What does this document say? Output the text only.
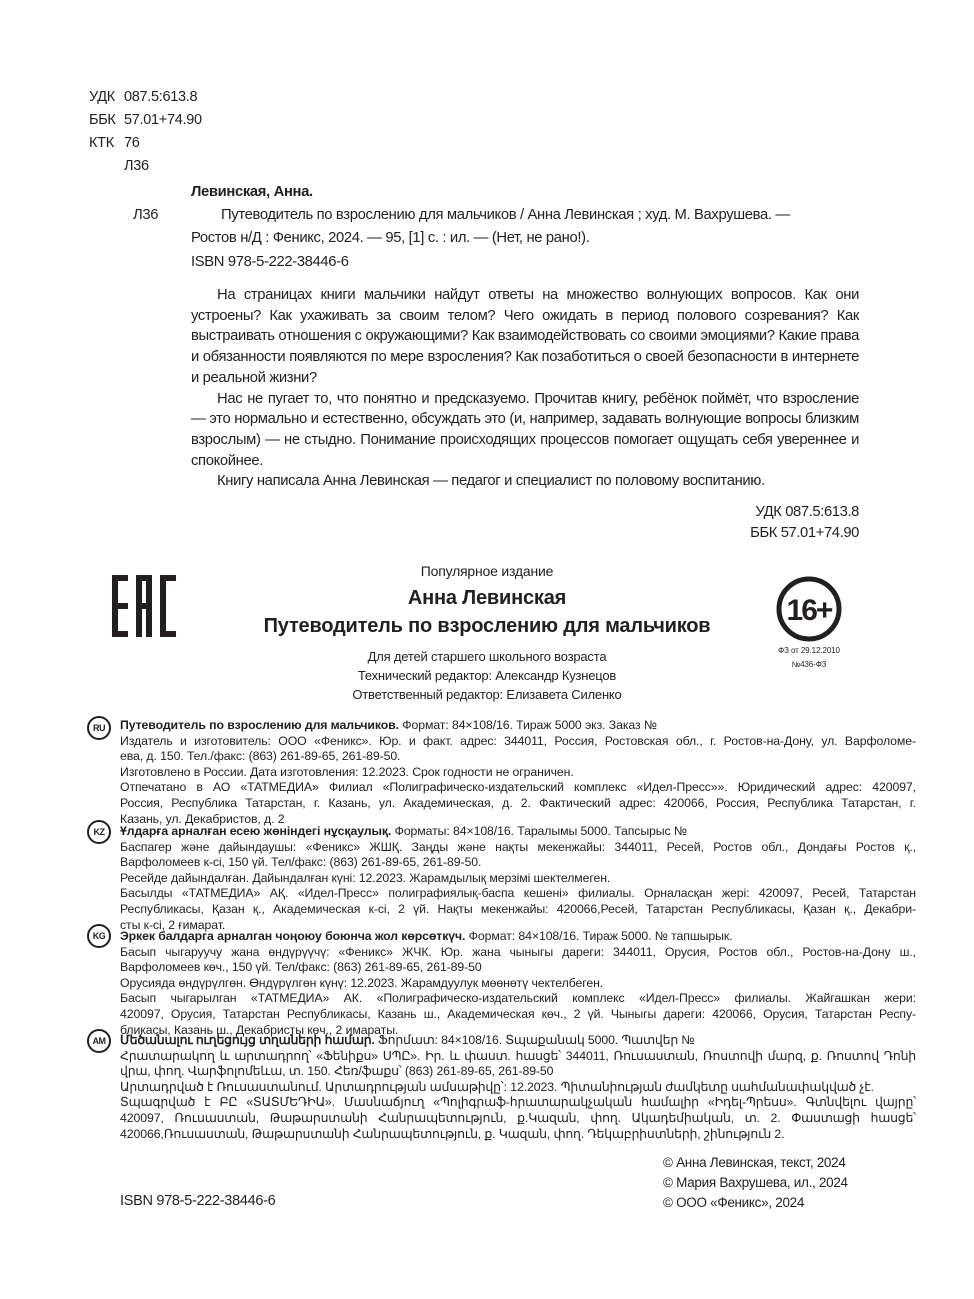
УДК 087.5:613.8
ББК 57.01+74.90
КТК 76
Л36
Левинская, Анна.
Л36	Путеводитель по взрослению для мальчиков / Анна Левинская ; худ. М. Вахрушева. —
Ростов н/Д : Феникс, 2024. — 95, [1] с. : ил. — (Нет, не рано!).
ISBN 978-5-222-38446-6

На страницах книги мальчики найдут ответы на множество волнующих вопросов. Как они устроены? Как ухаживать за своим телом? Чего ожидать в период полового созревания? Как выстраивать отношения с окружающими? Как взаимодействовать со своими эмоциями? Какие права и обязанности появляются по мере взросления? Как позаботиться о своей безопасности в интернете и реальной жизни?

Нас не пугает то, что понятно и предсказуемо. Прочитав книгу, ребёнок поймёт, что взросление — это нормально и естественно, обсуждать это (и, например, задавать волнующие вопросы близким взрослым) — не стыдно. Понимание происходящих процессов помогает ощущать себя увереннее и спокойнее.

Книгу написала Анна Левинская — педагог и специалист по половому воспитанию.

УДК 087.5:613.8
ББК 57.01+74.90
Популярное издание
Анна Левинская
Путеводитель по взрослению для мальчиков
Для детей старшего школьного возраста
Технический редактор: Александр Кузнецов
Ответственный редактор: Елизавета Силенко
16+
ФЗ от 29.12.2010
№436-ФЗ
RU	Путеводитель по взрослению для мальчиков. Формат: 84×108/16. Тираж 5000 экз. Заказ №
Издатель и изготовитель: ООО «Феникс». Юр. и факт. адрес: 344011, Россия, Ростовская обл., г. Ростов-на-Дону, ул. Варфоломе-
ева, д. 150. Тел./факс: (863) 261-89-65, 261-89-50.
Изготовлено в России. Дата изготовления: 12.2023. Срок годности не ограничен.
Отпечатано в АО «ТАТМЕДИА» Филиал «Полиграфическо-издательский комплекс «Идел-Пресс»». Юридический адрес: 420097,
Россия, Республика Татарстан, г. Казань, ул. Академическая, д. 2. Фактический адрес: 420066, Россия, Республика Татарстан, г.
Казань, ул. Декабристов, д. 2
KZ	Ұлдарға арналған есею жөніндегі нұсқаулық. Форматы: 84×108/16. Таралымы 5000. Тапсырыс №
Баспагер және дайындаушы: «Феникс» ЖШҚ. Заңды және нақты мекенжайы: 344011, Ресей, Ростов обл., Дондағы Ростов қ.,
Варфоломеев к-сі, 150 үй. Тел/факс: (863) 261-89-65, 261-89-50.
Ресейде дайындалған. Дайындалған күні: 12.2023. Жарамдылық мерзімі шектелмеген.
Басылды «ТАТМЕДИА» АҚ. «Идел-Пресс» полиграфиялық-баспа кешені» филиалы. Орналасқан жері: 420097, Ресей, Татарстан
Республикасы, Қазан қ., Академическая к-сі, 2 үй. Нақты мекенжайы: 420066,Ресей, Татарстан Республикасы, Қазан қ., Декабри-
сты к-сі, 2 ғимарат.
KG	Эркек балдарга арналган чоңоюу боюнча жол көрсөткүч. Формат: 84×108/16. Тираж 5000. № тапшырык.
Басып чыгаруучу жана өндүрүүчү: «Феникс» ЖЧК. Юр. жана чыныгы дареги: 344011, Орусия, Ростов обл., Ростов-на-Дону ш.,
Варфоломеев көч., 150 үй. Тел/факс: (863) 261-89-65, 261-89-50
Орусияда өндүрүлгөн. Өндүрүлгөн күнү: 12.2023. Жарамдуулук мөөнөтү чектелбеген.
Басып чыгарылган «ТАТМЕДИА» АК. «Полиграфическо-издательский комплекс «Идел-Пресс» филиалы. Жайгашкан жери:
420097, Орусия, Татарстан Республикасы, Казань ш., Академическая көч., 2 үй. Чыныгы дареги: 420066, Орусия, Татарстан Респу-
бликасы, Казань ш., Декабристы көч., 2 имараты.
AM	Մեծանալու ուղեցույց տղաների համար. Ֆորմատ: 84×108/16. Տպաքանակ 5000. Պատվեր №
Հրատարակող և արտադրող՝ «Ֆենիքս» ՍՊԸ». Իր. և փաստ. հասցե՝ 344011, Ռուսաստան, Ռոստովի մարզ, ք. Ռոստով Դոնի
վրա, փող. Վարֆոլոմեևա, տ. 150. Հեռ/ֆաքս՝ (863) 261-89-65, 261-89-50
Արտադրված է Ռուսաստանում. Արտադրության ամսաթիվը՝: 12.2023. Պիտանիության ժամկետը սահմանափակված չէ.
Տպագրված է ԲԸ «ՏԱՏՄԵԴԻԱ». Մասնաճյուղ «Պոլիգրաֆ-հրատարակչական համալիր «Իդել-Պրեսս». Գտնվելու վայրը՝
420097, Ռուսաստան, Թաթարստանի Հանրապետություն, ք.Կազան, փող. Ակադեմիական, տ. 2. Փաստացի հասցե՝
420066,Ռուսաստան, Թաթարստանի Հանրապետություն, ք. Կազան, փող. Դեկաբրիստների, շինություն 2.
© Анна Левинская, текст, 2024
© Мария Вахрушева, ил., 2024
© ООО «Феникс», 2024
ISBN 978-5-222-38446-6
